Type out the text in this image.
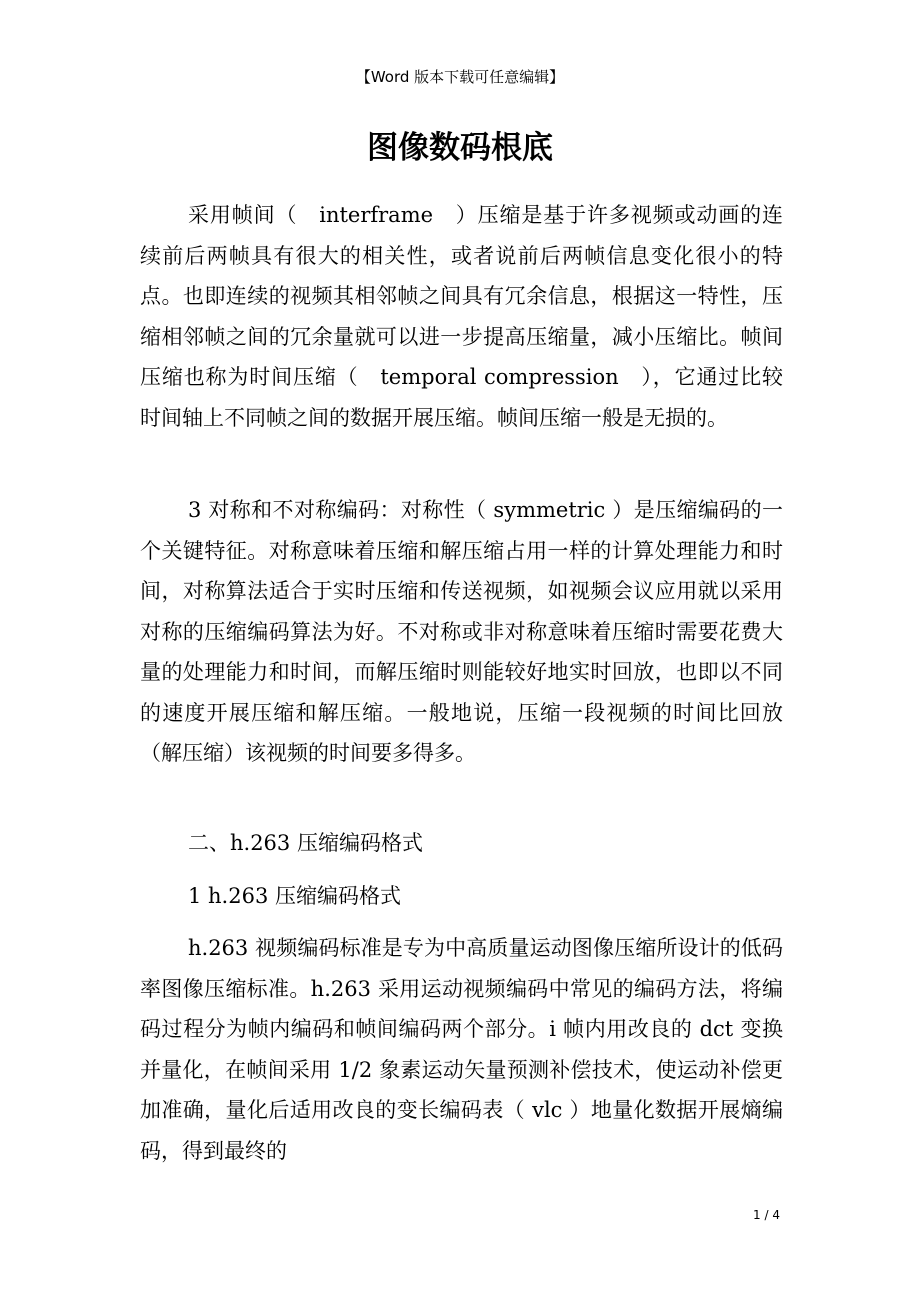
【Word 版本下载可任意编辑】
图像数码根底

采用帧间（　interframe　）压缩是基于许多视频或动画的连续前后两帧具有很大的相关性，或者说前后两帧信息变化很小的特点。也即连续的视频其相邻帧之间具有冗余信息，根据这一特性，压缩相邻帧之间的冗余量就可以进一步提高压缩量，减小压缩比。帧间压缩也称为时间压缩（　temporal compression　），它通过比较时间轴上不同帧之间的数据开展压缩。帧间压缩一般是无损的。

3 对称和不对称编码：对称性（ symmetric ）是压缩编码的一个关键特征。对称意味着压缩和解压缩占用一样的计算处理能力和时间，对称算法适合于实时压缩和传送视频，如视频会议应用就以采用对称的压缩编码算法为好。不对称或非对称意味着压缩时需要花费大量的处理能力和时间，而解压缩时则能较好地实时回放，也即以不同的速度开展压缩和解压缩。一般地说，压缩一段视频的时间比回放（解压缩）该视频的时间要多得多。

二、h.263 压缩编码格式

1 h.263 压缩编码格式

h.263 视频编码标准是专为中高质量运动图像压缩所设计的低码率图像压缩标准。h.263 采用运动视频编码中常见的编码方法，将编码过程分为帧内编码和帧间编码两个部分。i 帧内用改良的 dct 变换并量化，在帧间采用 1/2 象素运动矢量预测补偿技术，使运动补偿更加准确，量化后适用改良的变长编码表（ vlc ）地量化数据开展熵编码，得到最终的

1 / 4
